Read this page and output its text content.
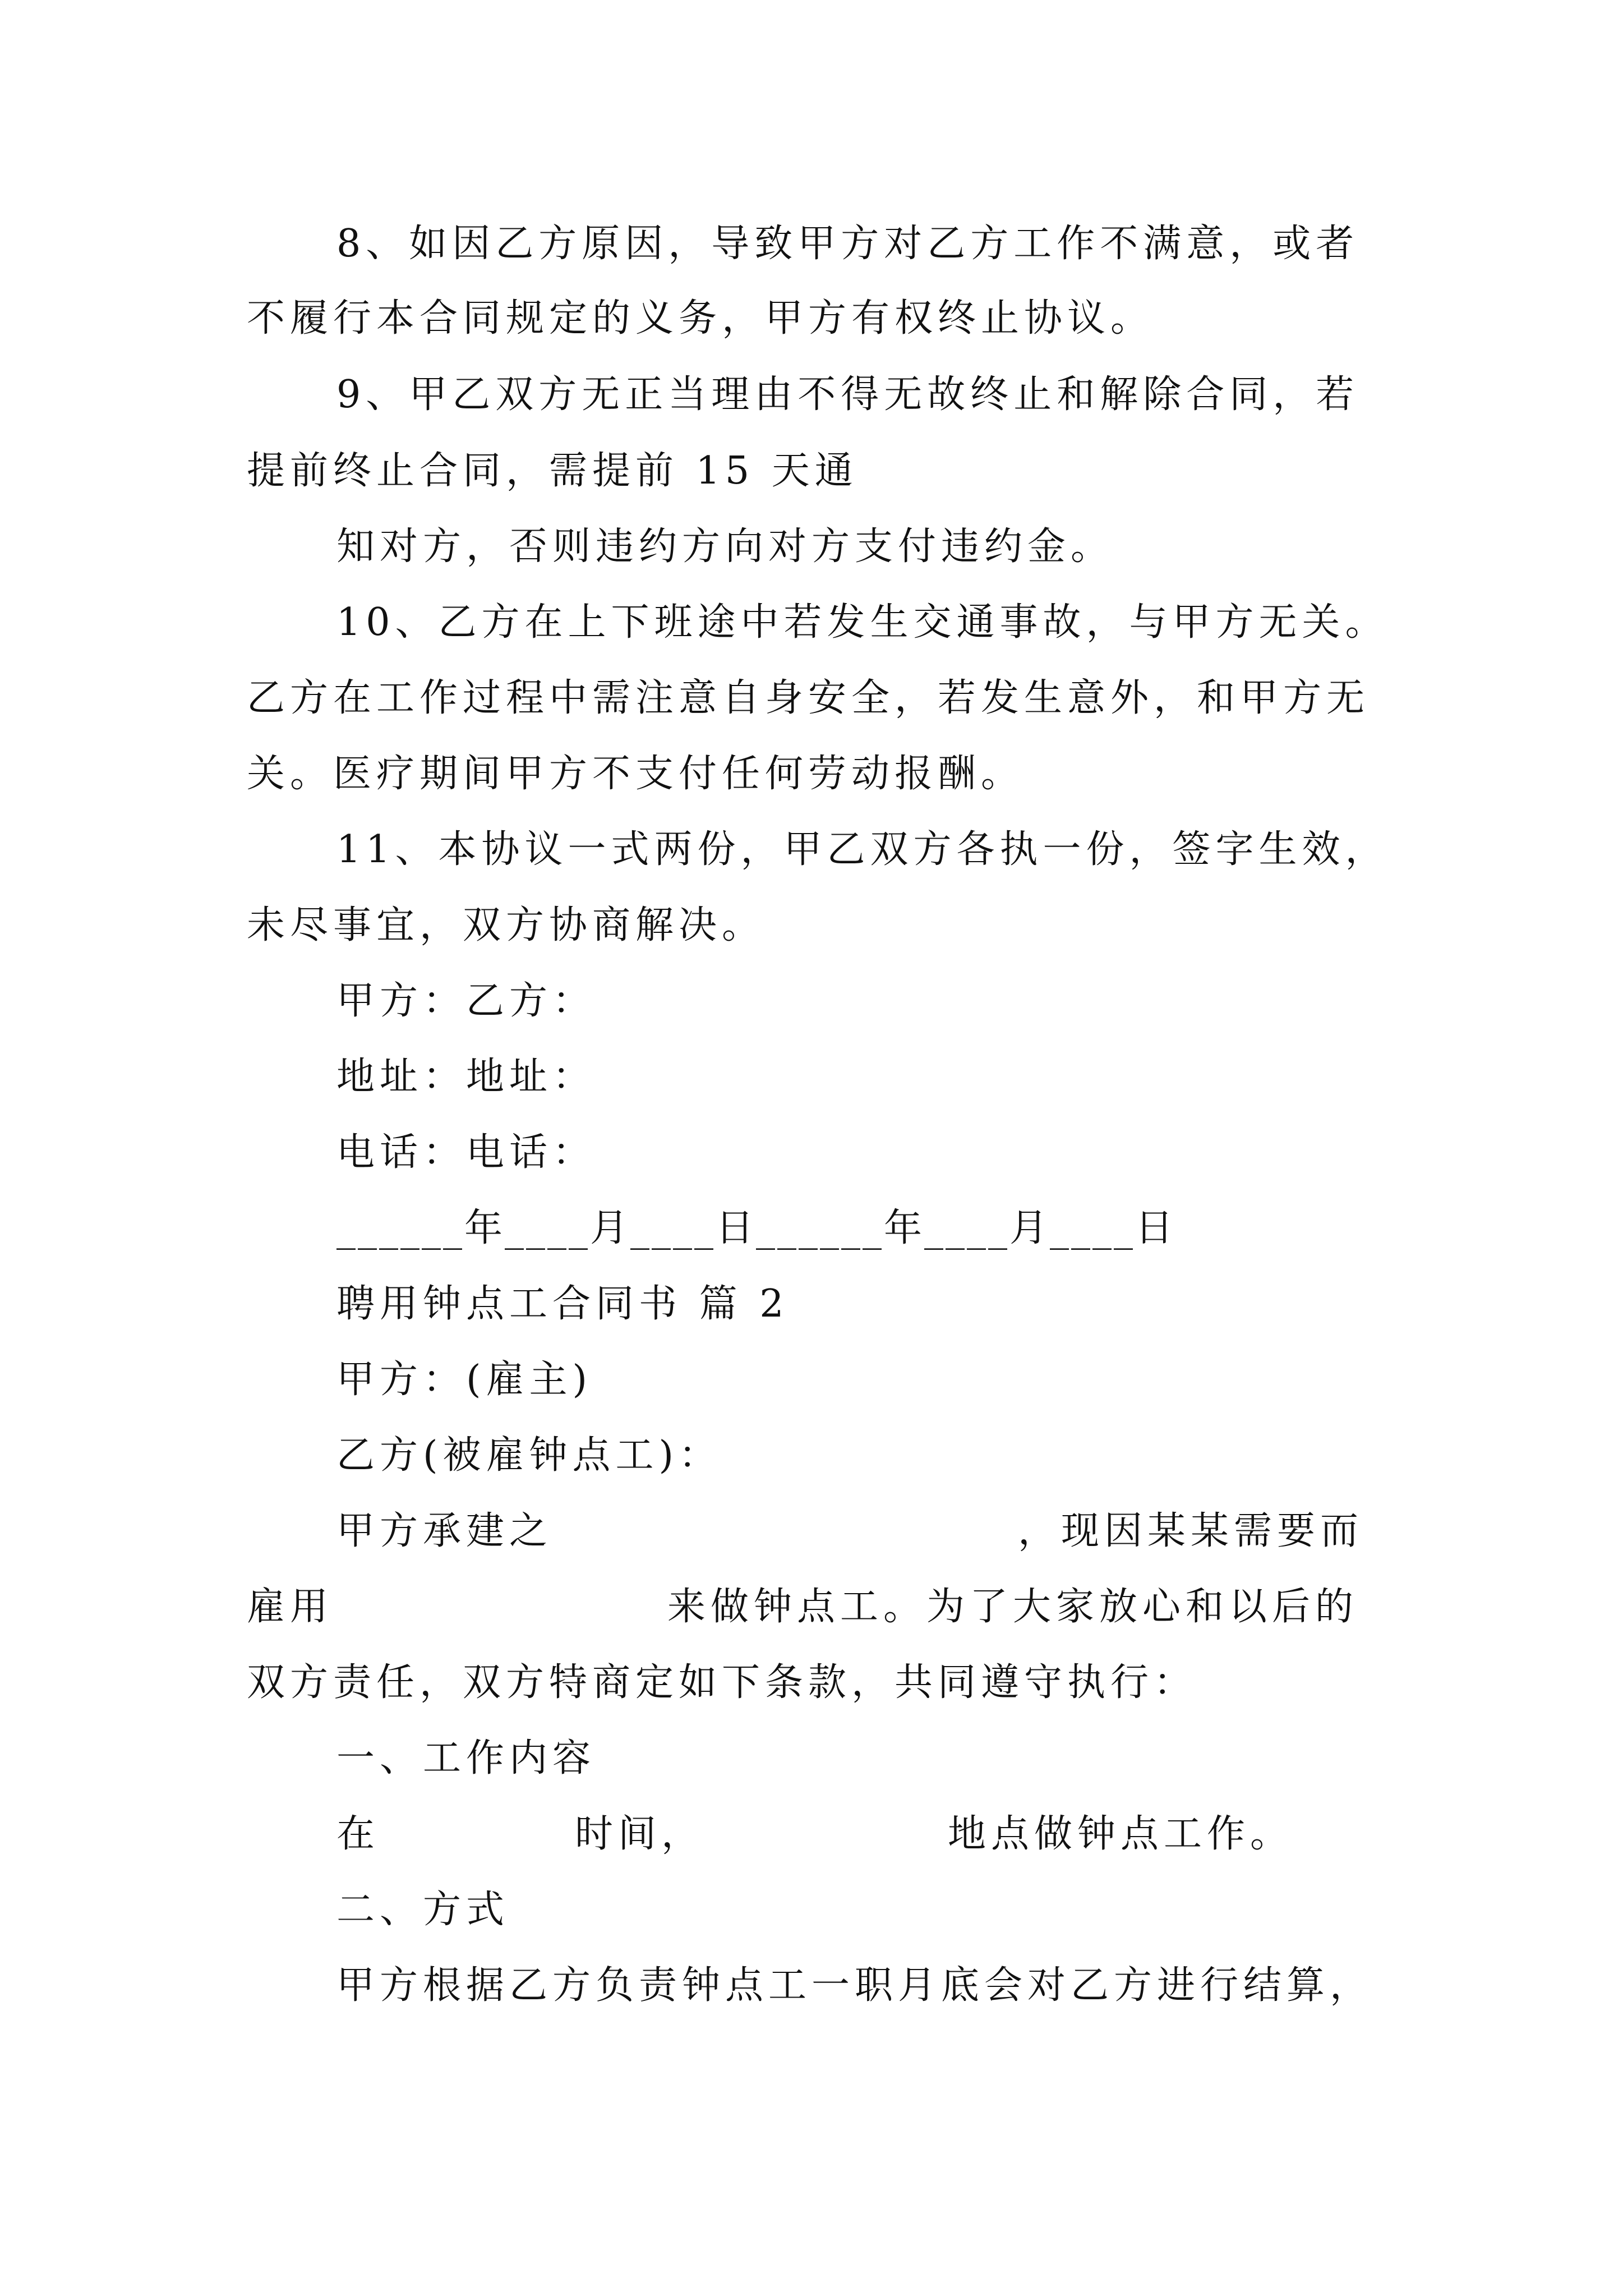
8、如因乙方原因，导致甲方对乙方工作不满意，或者
不履行本合同规定的义务，甲方有权终止协议。
9、甲乙双方无正当理由不得无故终止和解除合同，若
提前终止合同，需提前 15 天通
知对方，否则违约方向对方支付违约金。
10、乙方在上下班途中若发生交通事故，与甲方无关。
乙方在工作过程中需注意自身安全，若发生意外，和甲方无
关。医疗期间甲方不支付任何劳动报酬。
11、本协议一式两份，甲乙双方各执一份，签字生效，
未尽事宜，双方协商解决。
甲方：乙方：
地址：地址：
电话：电话：
______年____月____日______年____月____日
聘用钟点工合同书 篇 2
甲方：(雇主)
乙方(被雇钟点工)：
甲方承建之	，现因某某需要而
雇用	来做钟点工。为了大家放心和以后的
双方责任，双方特商定如下条款，共同遵守执行：
一、工作内容
在	时间，	地点做钟点工作。
二、方式
甲方根据乙方负责钟点工一职月底会对乙方进行结算，
